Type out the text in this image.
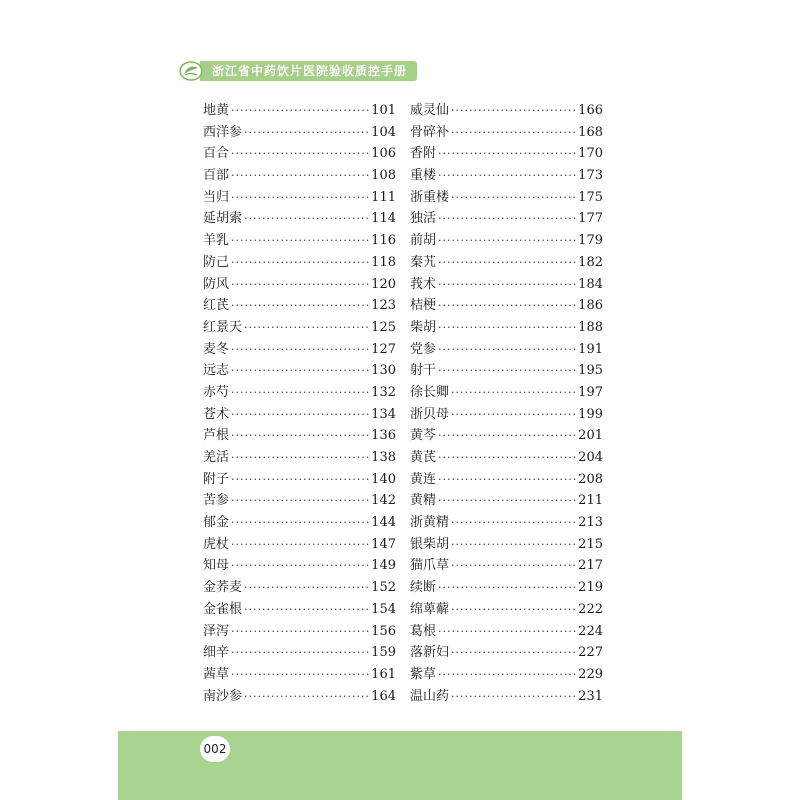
浙江省中药饮片医院验收质控手册
地黄 ·····	101
西洋参 ·····	104
百合 ·····	106
百部 ·····	108
当归 ·····	111
延胡索 ·····	114
羊乳 ·····	116
防己 ·····	118
防风 ·····	120
红芪 ·····	123
红景天 ·····	125
麦冬 ·····	127
远志 ·····	130
赤芍 ·····	132
苍术 ·····	134
芦根 ·····	136
羌活 ·····	138
附子 ·····	140
苦参 ·····	142
郁金 ·····	144
虎杖 ·····	147
知母 ·····	149
金荞麦 ·····	152
金雀根 ·····	154
泽泻 ·····	156
细辛 ·····	159
茜草 ·····	161
南沙参 ·····	164
威灵仙 ·····	166
骨碎补 ·····	168
香附 ·····	170
重楼 ·····	173
浙重楼 ·····	175
独活 ·····	177
前胡 ·····	179
秦艽 ·····	182
莪术 ·····	184
桔梗 ·····	186
柴胡 ·····	188
党参 ·····	191
射干 ·····	195
徐长卿 ·····	197
浙贝母 ·····	199
黄芩 ·····	201
黄芪 ·····	204
黄连 ·····	208
黄精 ·····	211
浙黄精 ·····	213
银柴胡 ·····	215
猫爪草 ·····	217
续断 ·····	219
绵萆薢 ·····	222
葛根 ·····	224
落新妇 ·····	227
紫草 ·····	229
温山药 ·····	231
002
